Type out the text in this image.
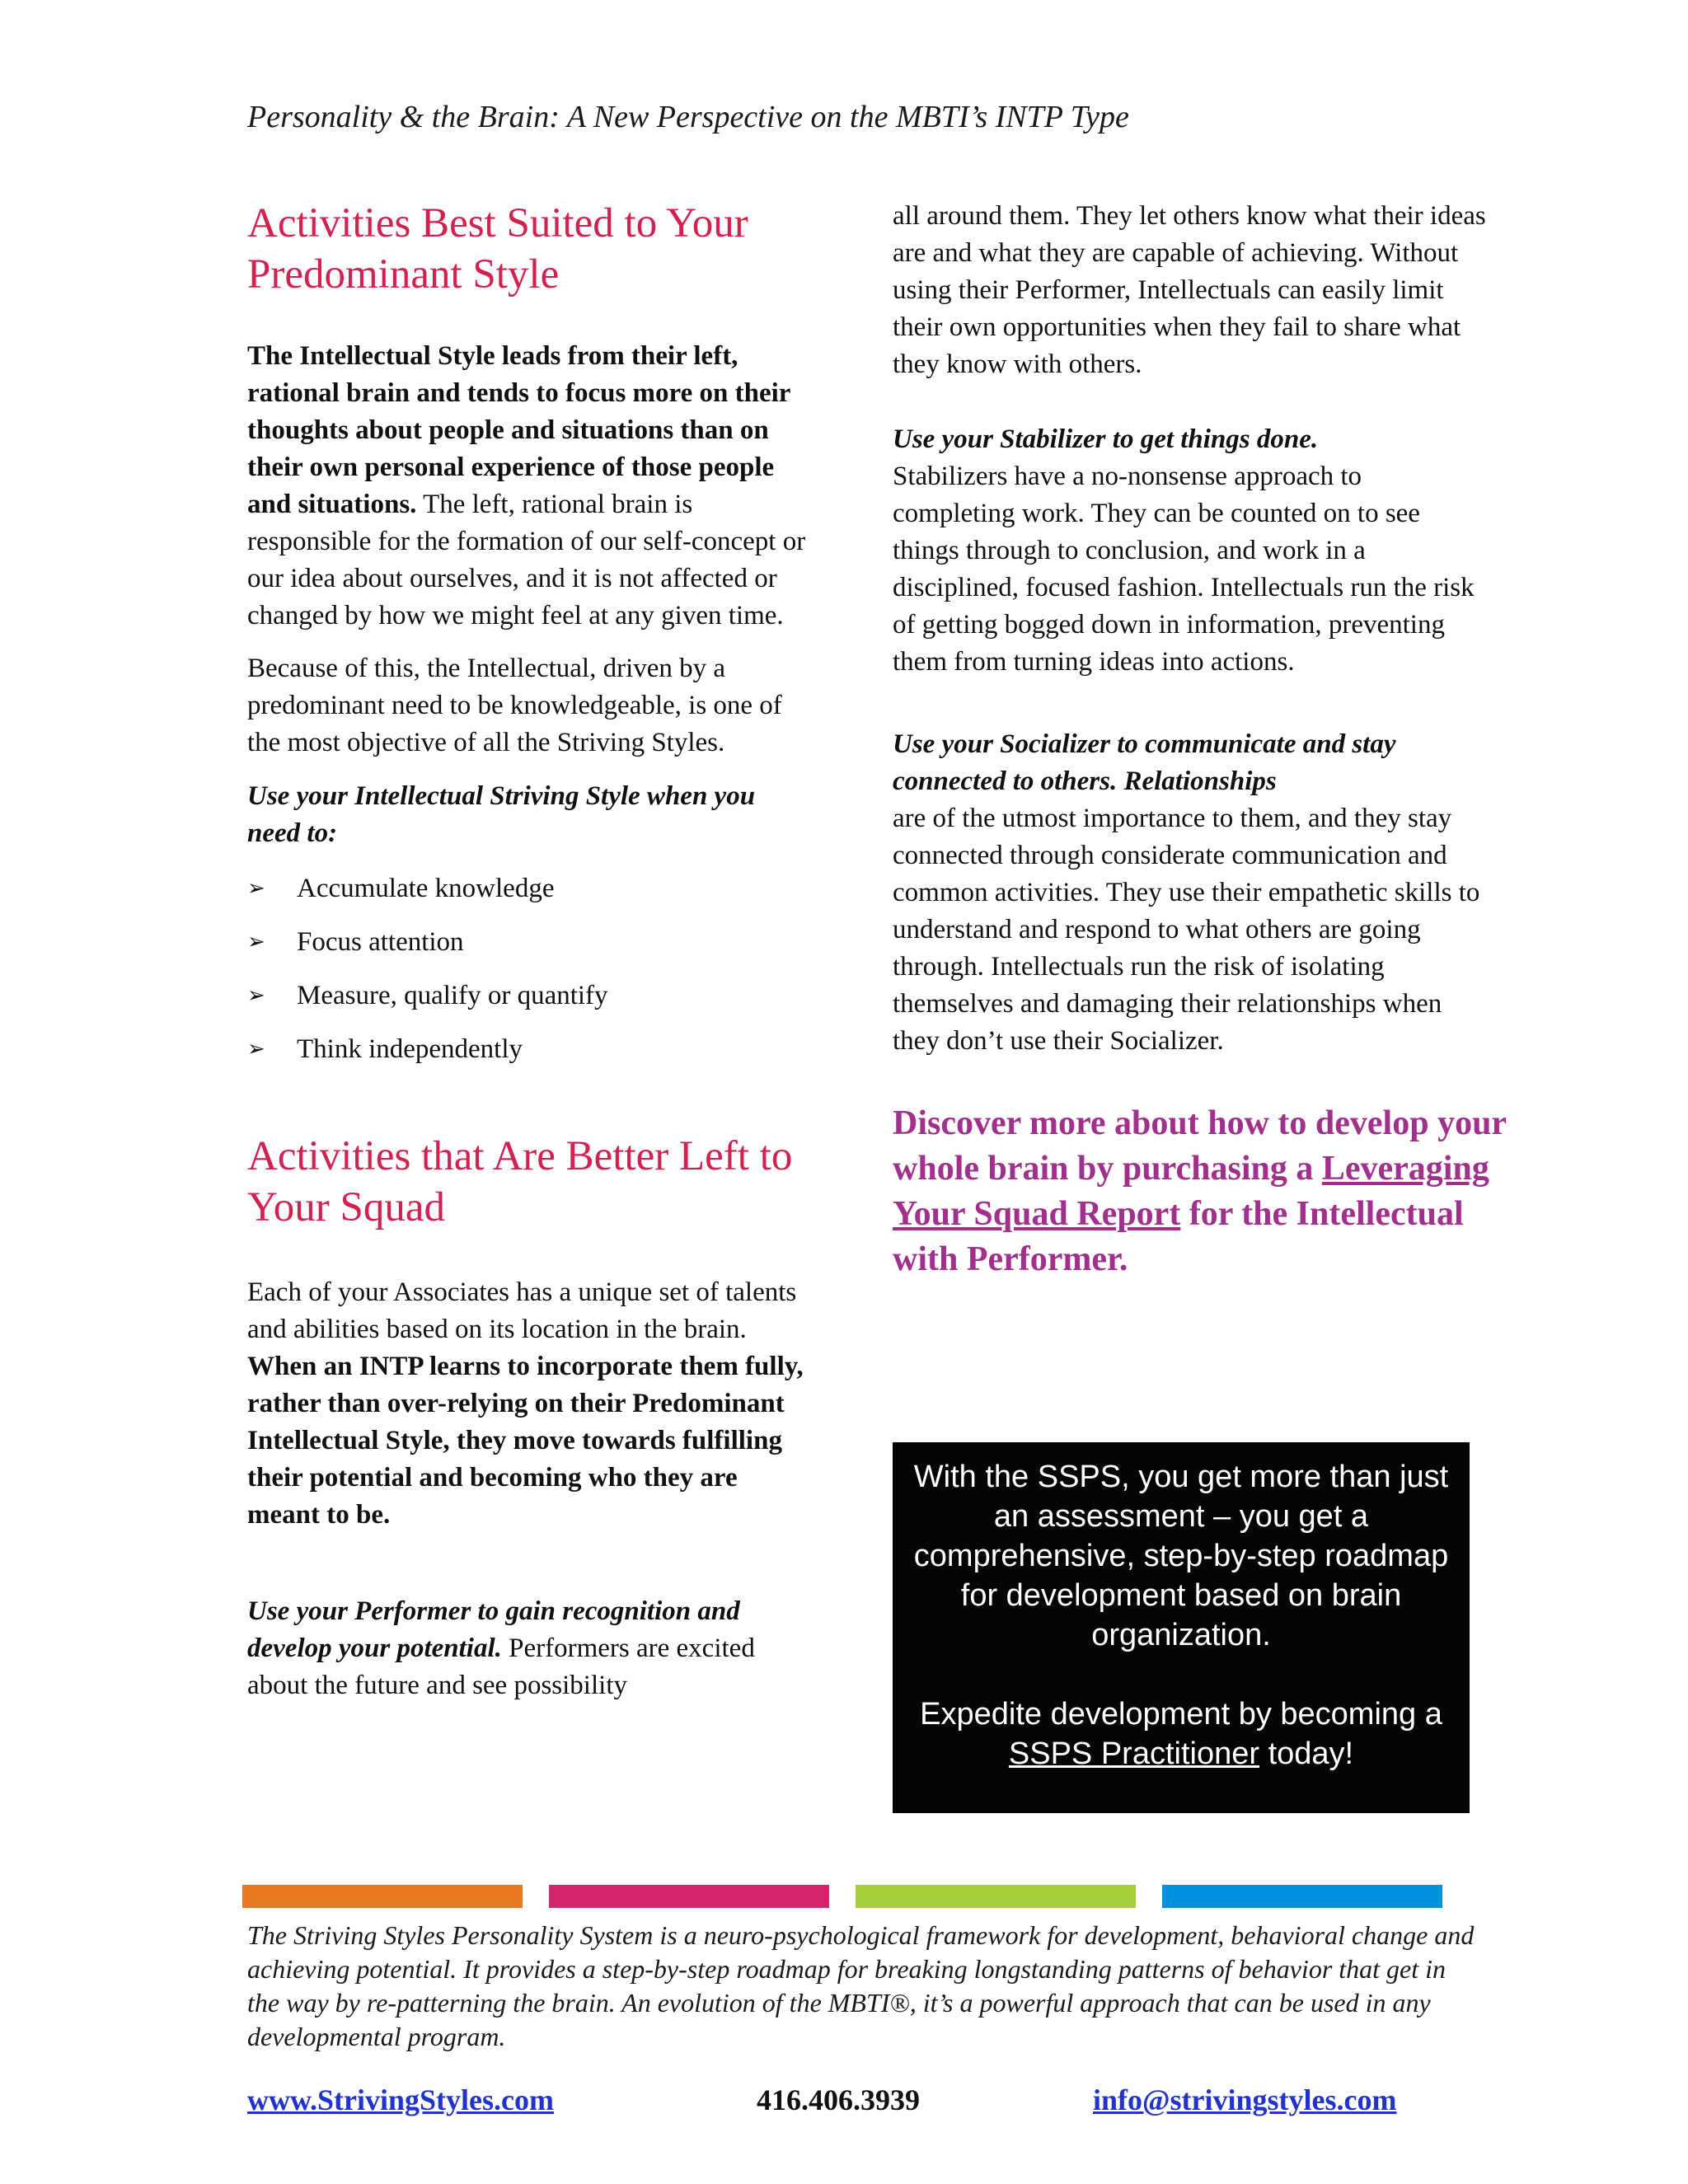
Personality & the Brain: A New Perspective on the MBTI’s INTP Type
Activities Best Suited to Your Predominant Style

The Intellectual Style leads from their left, rational brain and tends to focus more on their thoughts about people and situations than on their own personal experience of those people and situations. The left, rational brain is responsible for the formation of our self-concept or our idea about ourselves, and it is not affected or changed by how we might feel at any given time.

Because of this, the Intellectual, driven by a predominant need to be knowledgeable, is one of the most objective of all the Striving Styles.

Use your Intellectual Striving Style when you need to:

➢	Accumulate knowledge
➢	Focus attention
➢	Measure, qualify or quantify
➢	Think independently
Activities that Are Better Left to Your Squad

Each of your Associates has a unique set of talents and abilities based on its location in the brain. When an INTP learns to incorporate them fully, rather than over-relying on their Predominant Intellectual Style, they move towards fulfilling their potential and becoming who they are meant to be.

Use your Performer to gain recognition and develop your potential. Performers are excited about the future and see possibility

all around them. They let others know what their ideas are and what they are capable of achieving. Without using their Performer, Intellectuals can easily limit their own opportunities when they fail to share what they know with others.

Use your Stabilizer to get things done.

Stabilizers have a no-nonsense approach to completing work. They can be counted on to see things through to conclusion, and work in a disciplined, focused fashion. Intellectuals run the risk of getting bogged down in information, preventing them from turning ideas into actions.

Use your Socializer to communicate and stay connected to others. Relationships

are of the utmost importance to them, and they stay connected through considerate communication and common activities. They use their empathetic skills to understand and respond to what others are going through. Intellectuals run the risk of isolating themselves and damaging their relationships when they don’t use their Socializer.

Discover more about how to develop your whole brain by purchasing a Leveraging Your Squad Report for the Intellectual with Performer.

With the SSPS, you get more than just an assessment – you get a comprehensive, step-by-step roadmap for development based on brain organization.

Expedite development by becoming a SSPS Practitioner today!

The Striving Styles Personality System is a neuro-psychological framework for development, behavioral change and achieving potential. It provides a step-by-step roadmap for breaking longstanding patterns of behavior that get in the way by re-patterning the brain. An evolution of the MBTI®, it’s a powerful approach that can be used in any developmental program.

www.StrivingStyles.com	416.406.3939	info@strivingstyles.com
